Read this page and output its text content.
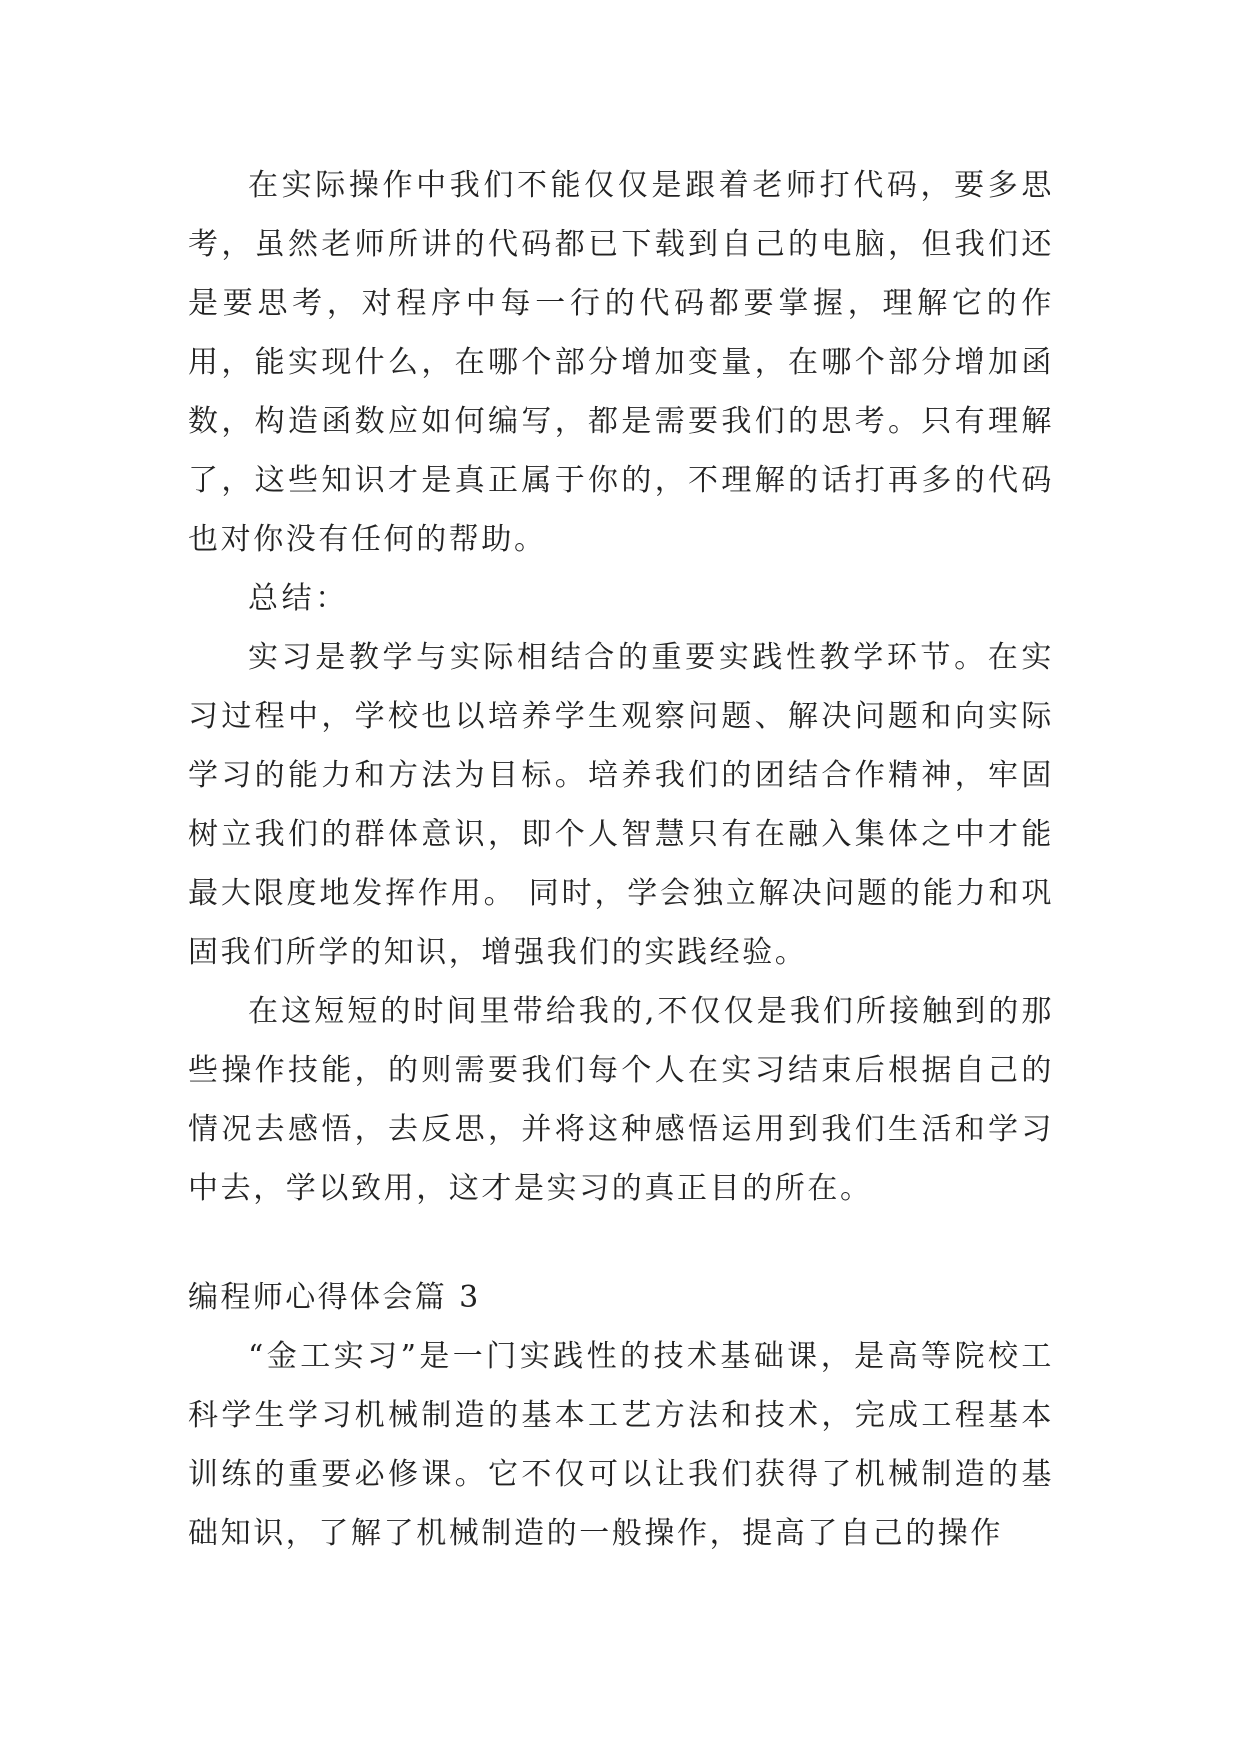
在实际操作中我们不能仅仅是跟着老师打代码，要多思考，虽然老师所讲的代码都已下载到自己的电脑，但我们还是要思考，对程序中每一行的代码都要掌握，理解它的作用，能实现什么，在哪个部分增加变量，在哪个部分增加函数，构造函数应如何编写，都是需要我们的思考。只有理解了，这些知识才是真正属于你的，不理解的话打再多的代码也对你没有任何的帮助。

总结：

实习是教学与实际相结合的重要实践性教学环节。在实习过程中，学校也以培养学生观察问题、解决问题和向实际学习的能力和方法为目标。培养我们的团结合作精神，牢固树立我们的群体意识，即个人智慧只有在融入集体之中才能最大限度地发挥作用。 同时，学会独立解决问题的能力和巩固我们所学的知识，增强我们的实践经验。

在这短短的时间里带给我的,不仅仅是我们所接触到的那些操作技能，的则需要我们每个人在实习结束后根据自己的情况去感悟，去反思，并将这种感悟运用到我们生活和学习中去，学以致用，这才是实习的真正目的所在。

编程师心得体会篇 3

“金工实习”是一门实践性的技术基础课，是高等院校工科学生学习机械制造的基本工艺方法和技术，完成工程基本训练的重要必修课。它不仅可以让我们获得了机械制造的基础知识，了解了机械制造的一般操作，提高了自己的操作
